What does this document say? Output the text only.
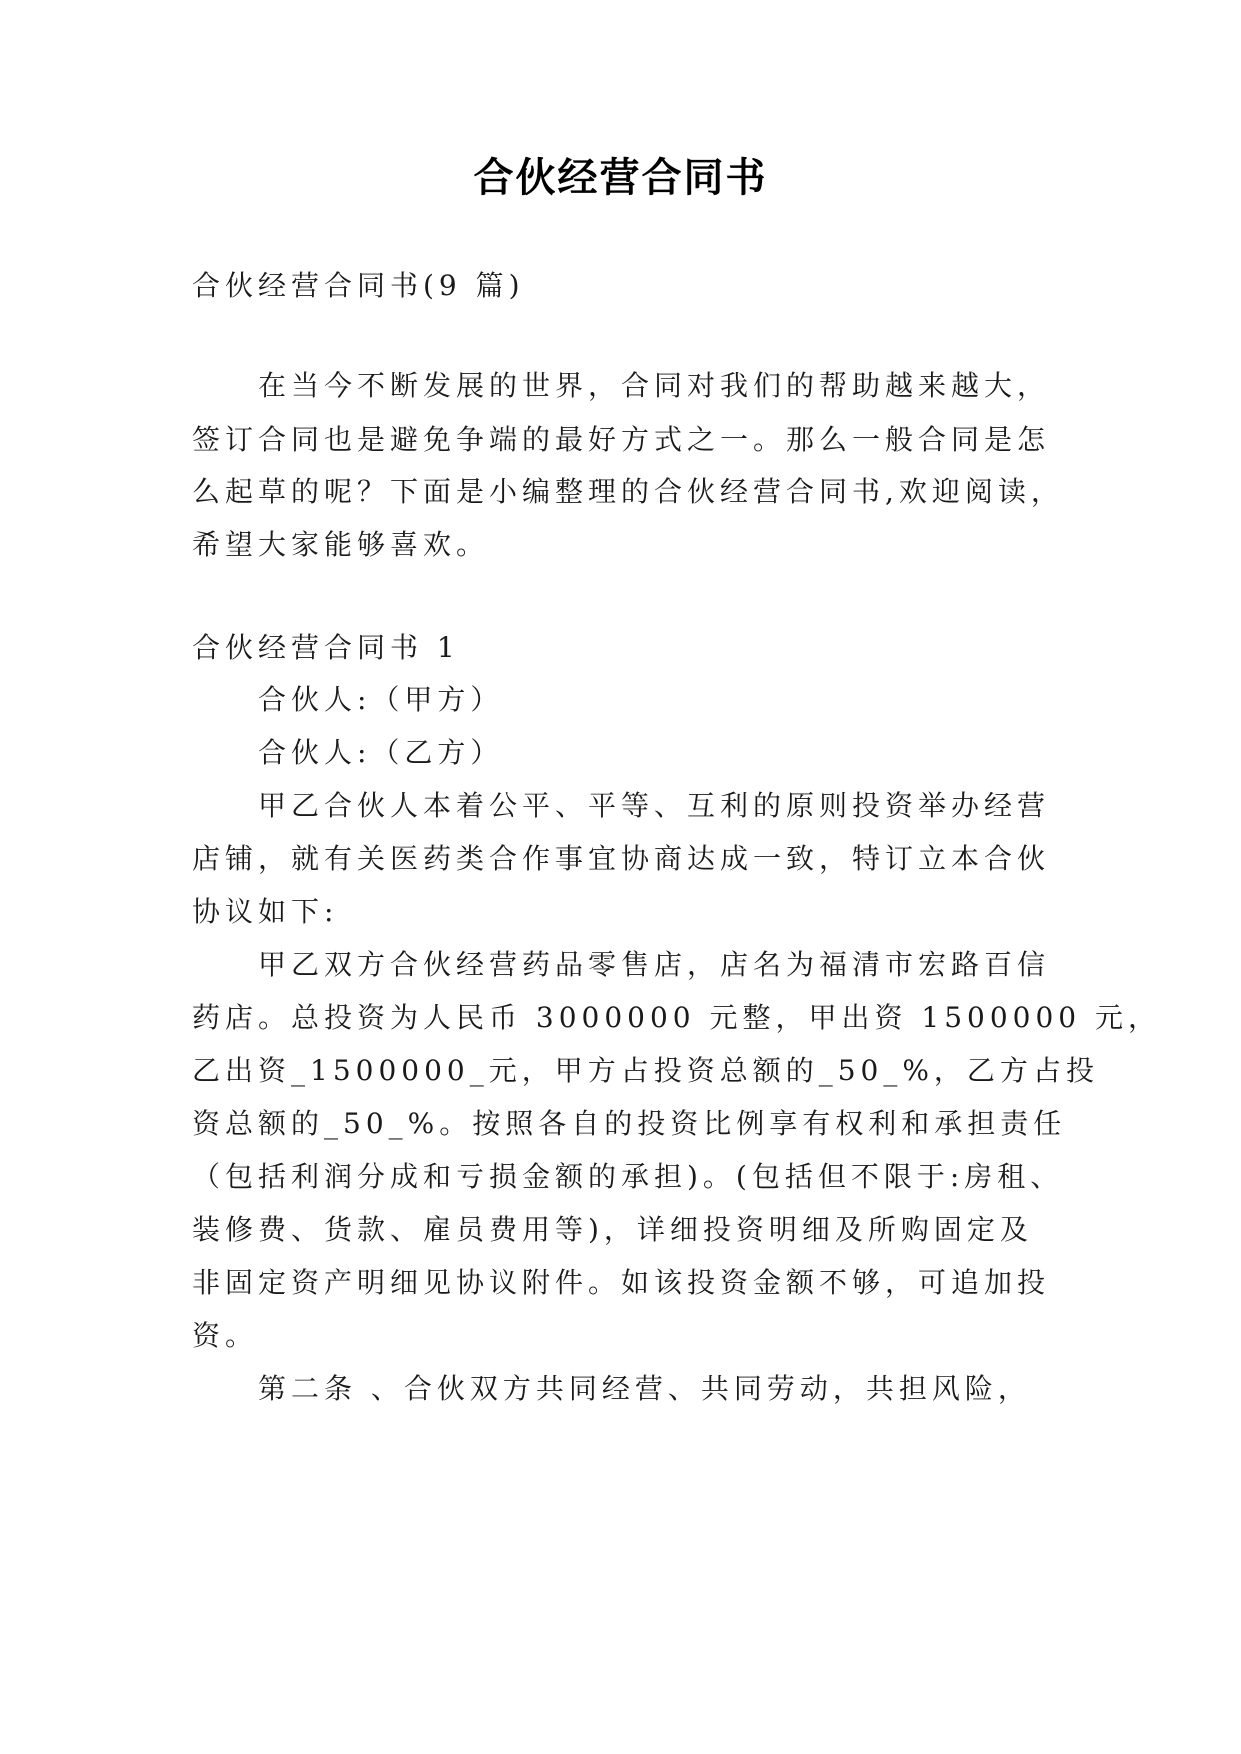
合伙经营合同书
合伙经营合同书(9 篇)
在当今不断发展的世界，合同对我们的帮助越来越大，
签订合同也是避免争端的最好方式之一。那么一般合同是怎
么起草的呢？下面是小编整理的合伙经营合同书,欢迎阅读，
希望大家能够喜欢。
合伙经营合同书 1
合伙人:（甲方）
合伙人:（乙方）
甲乙合伙人本着公平、平等、互利的原则投资举办经营
店铺，就有关医药类合作事宜协商达成一致，特订立本合伙
协议如下:
甲乙双方合伙经营药品零售店，店名为福清市宏路百信
药店。总投资为人民币 3000000 元整，甲出资 1500000 元，
乙出资_1500000_元，甲方占投资总额的_50_%，乙方占投
资总额的_50_%。按照各自的投资比例享有权利和承担责任
（包括利润分成和亏损金额的承担)。(包括但不限于:房租、
装修费、货款、雇员费用等)，详细投资明细及所购固定及
非固定资产明细见协议附件。如该投资金额不够，可追加投
资。
第二条 、合伙双方共同经营、共同劳动，共担风险，
